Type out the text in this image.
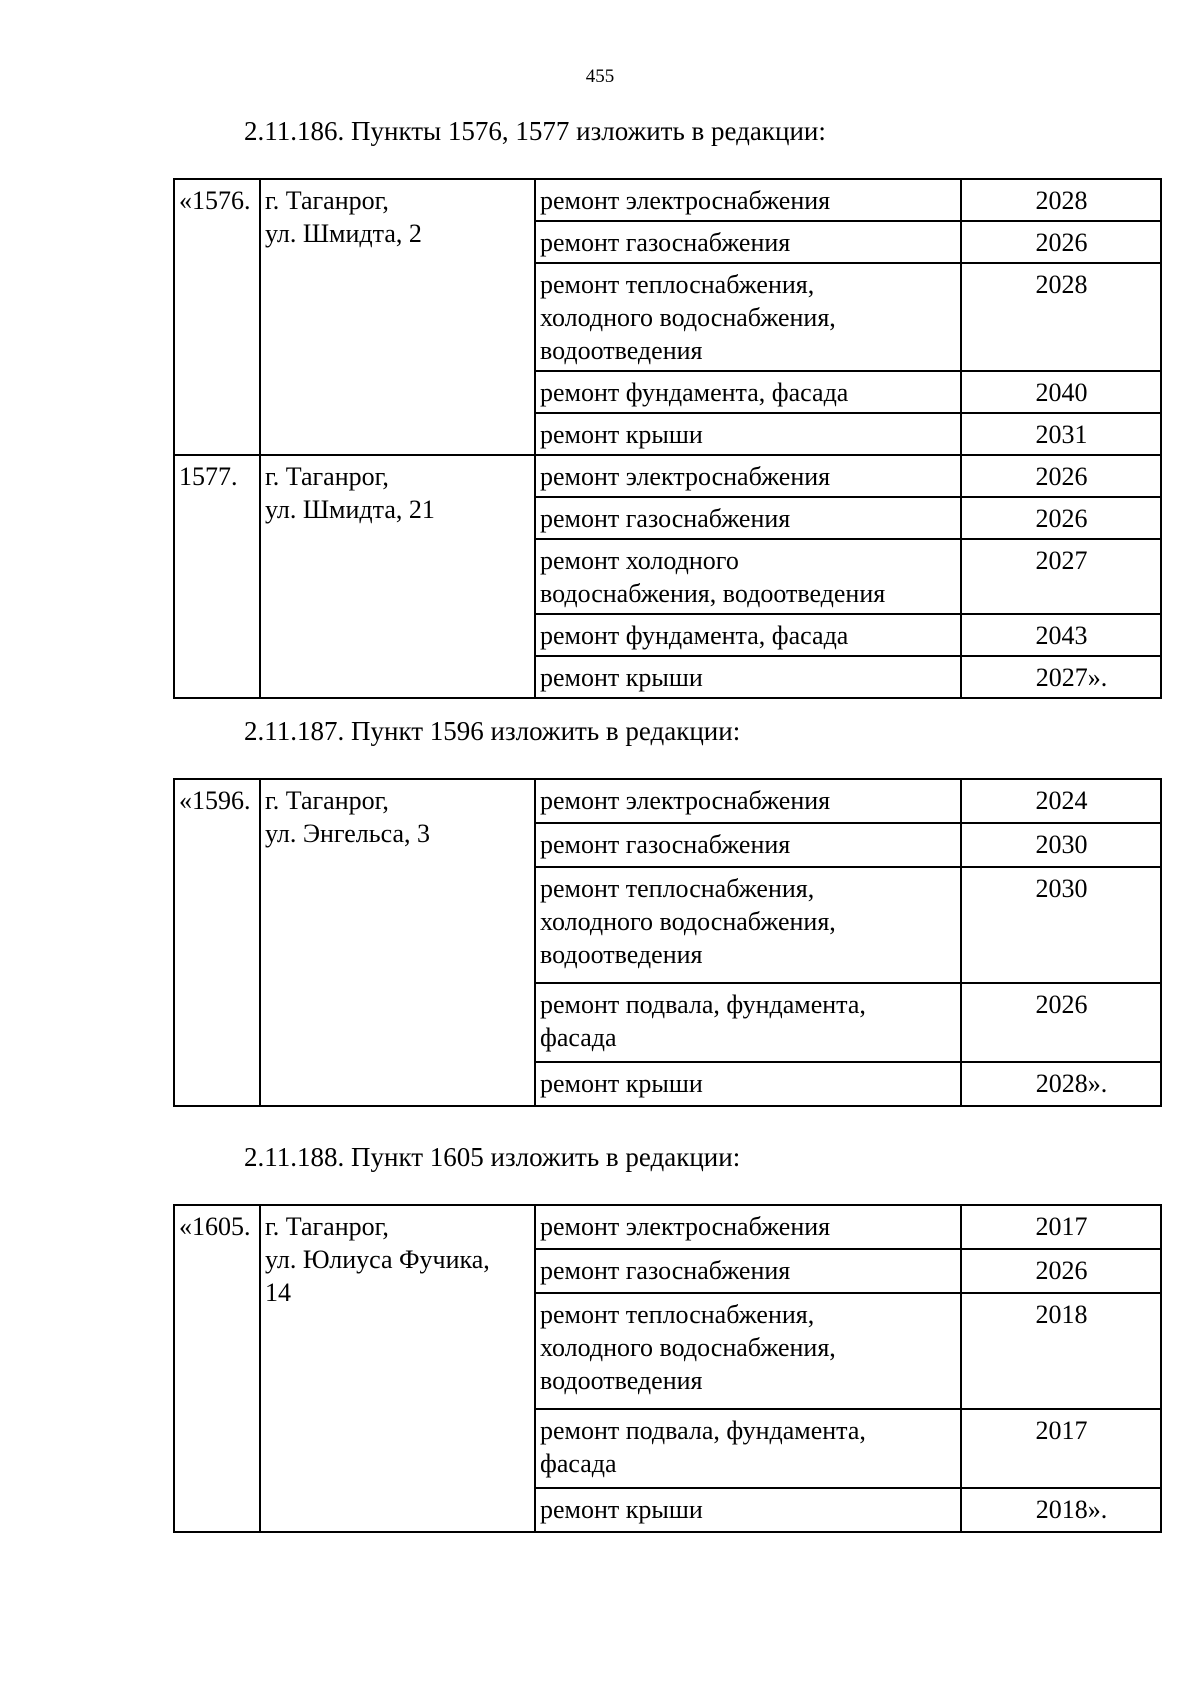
455
2.11.186. Пункты 1576, 1577 изложить в редакции:
«1576.	г. Таганрог,
ул. Шмидта, 2	ремонт электроснабжения	2028
		ремонт газоснабжения	2026
		ремонт теплоснабжения,
холодного водоснабжения,
водоотведения	2028
		ремонт фундамента, фасада	2040
		ремонт крыши	2031
1577.	г. Таганрог,
ул. Шмидта, 21	ремонт электроснабжения	2026
		ремонт газоснабжения	2026
		ремонт холодного
водоснабжения, водоотведения	2027
		ремонт фундамента, фасада	2043
		ремонт крыши	2027».
2.11.187. Пункт 1596 изложить в редакции:
«1596.	г. Таганрог,
ул. Энгельса, 3	ремонт электроснабжения	2024
		ремонт газоснабжения	2030
		ремонт теплоснабжения,
холодного водоснабжения,
водоотведения	2030
		ремонт подвала, фундамента,
фасада	2026
		ремонт крыши	2028».
2.11.188. Пункт 1605 изложить в редакции:
«1605.	г. Таганрог,
ул. Юлиуса Фучика,
14	ремонт электроснабжения	2017
		ремонт газоснабжения	2026
		ремонт теплоснабжения,
холодного водоснабжения,
водоотведения	2018
		ремонт подвала, фундамента,
фасада	2017
		ремонт крыши	2018».
